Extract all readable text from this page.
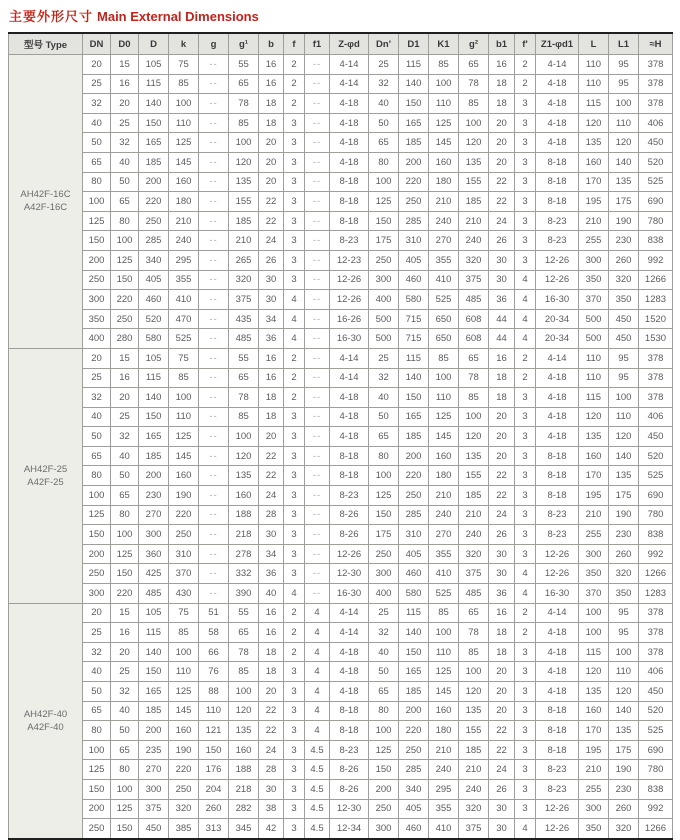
主要外形尺寸 Main External Dimensions
型号 Type	DN	D0	D	k	g	g¹	b	f	f1	Z-φd	Dn'	D1	K1	g²	b1	f'	Z1-φd1	L	L1	≈H

AH42F-16C
A42F-16C	20	15	105	75	--	55	16	2	--	4-14	25	115	85	65	16	2	4-14	110	95	378
	25	16	115	85	--	65	16	2	--	4-14	32	140	100	78	18	2	4-18	110	95	378
	32	20	140	100	--	78	18	2	--	4-18	40	150	110	85	18	3	4-18	115	100	378
	40	25	150	110	--	85	18	3	--	4-18	50	165	125	100	20	3	4-18	120	110	406
	50	32	165	125	--	100	20	3	--	4-18	65	185	145	120	20	3	4-18	135	120	450
	65	40	185	145	--	120	20	3	--	4-18	80	200	160	135	20	3	8-18	160	140	520
	80	50	200	160	--	135	20	3	--	8-18	100	220	180	155	22	3	8-18	170	135	525
	100	65	220	180	--	155	22	3	--	8-18	125	250	210	185	22	3	8-18	195	175	690
	125	80	250	210	--	185	22	3	--	8-18	150	285	240	210	24	3	8-23	210	190	780
	150	100	285	240	--	210	24	3	--	8-23	175	310	270	240	26	3	8-23	255	230	838
	200	125	340	295	--	265	26	3	--	12-23	250	405	355	320	30	3	12-26	300	260	992
	250	150	405	355	--	320	30	3	--	12-26	300	460	410	375	30	4	12-26	350	320	1266
	300	220	460	410	--	375	30	4	--	12-26	400	580	525	485	36	4	16-30	370	350	1283
	350	250	520	470	--	435	34	4	--	16-26	500	715	650	608	44	4	20-34	500	450	1520
	400	280	580	525	--	485	36	4	--	16-30	500	715	650	608	44	4	20-34	500	450	1530

AH42F-25
A42F-25	20	15	105	75	--	55	16	2	--	4-14	25	115	85	65	16	2	4-14	110	95	378
	25	16	115	85	--	65	16	2	--	4-14	32	140	100	78	18	2	4-18	110	95	378
	32	20	140	100	--	78	18	2	--	4-18	40	150	110	85	18	3	4-18	115	100	378
	40	25	150	110	--	85	18	3	--	4-18	50	165	125	100	20	3	4-18	120	110	406
	50	32	165	125	--	100	20	3	--	4-18	65	185	145	120	20	3	4-18	135	120	450
	65	40	185	145	--	120	22	3	--	8-18	80	200	160	135	20	3	8-18	160	140	520
	80	50	200	160	--	135	22	3	--	8-18	100	220	180	155	22	3	8-18	170	135	525
	100	65	230	190	--	160	24	3	--	8-23	125	250	210	185	22	3	8-18	195	175	690
	125	80	270	220	--	188	28	3	--	8-26	150	285	240	210	24	3	8-23	210	190	780
	150	100	300	250	--	218	30	3	--	8-26	175	310	270	240	26	3	8-23	255	230	838
	200	125	360	310	--	278	34	3	--	12-26	250	405	355	320	30	3	12-26	300	260	992
	250	150	425	370	--	332	36	3	--	12-30	300	460	410	375	30	4	12-26	350	320	1266
	300	220	485	430	--	390	40	4	--	16-30	400	580	525	485	36	4	16-30	370	350	1283

AH42F-40
A42F-40	20	15	105	75	51	55	16	2	4	4-14	25	115	85	65	16	2	4-14	100	95	378
	25	16	115	85	58	65	16	2	4	4-14	32	140	100	78	18	2	4-18	100	95	378
	32	20	140	100	66	78	18	2	4	4-18	40	150	110	85	18	3	4-18	115	100	378
	40	25	150	110	76	85	18	3	4	4-18	50	165	125	100	20	3	4-18	120	110	406
	50	32	165	125	88	100	20	3	4	4-18	65	185	145	120	20	3	4-18	135	120	450
	65	40	185	145	110	120	22	3	4	8-18	80	200	160	135	20	3	8-18	160	140	520
	80	50	200	160	121	135	22	3	4	8-18	100	220	180	155	22	3	8-18	170	135	525
	100	65	235	190	150	160	24	3	4.5	8-23	125	250	210	185	22	3	8-18	195	175	690
	125	80	270	220	176	188	28	3	4.5	8-26	150	285	240	210	24	3	8-23	210	190	780
	150	100	300	250	204	218	30	3	4.5	8-26	200	340	295	240	26	3	8-23	255	230	838
	200	125	375	320	260	282	38	3	4.5	12-30	250	405	355	320	30	3	12-26	300	260	992
	250	150	450	385	313	345	42	3	4.5	12-34	300	460	410	375	30	4	12-26	350	320	1266
